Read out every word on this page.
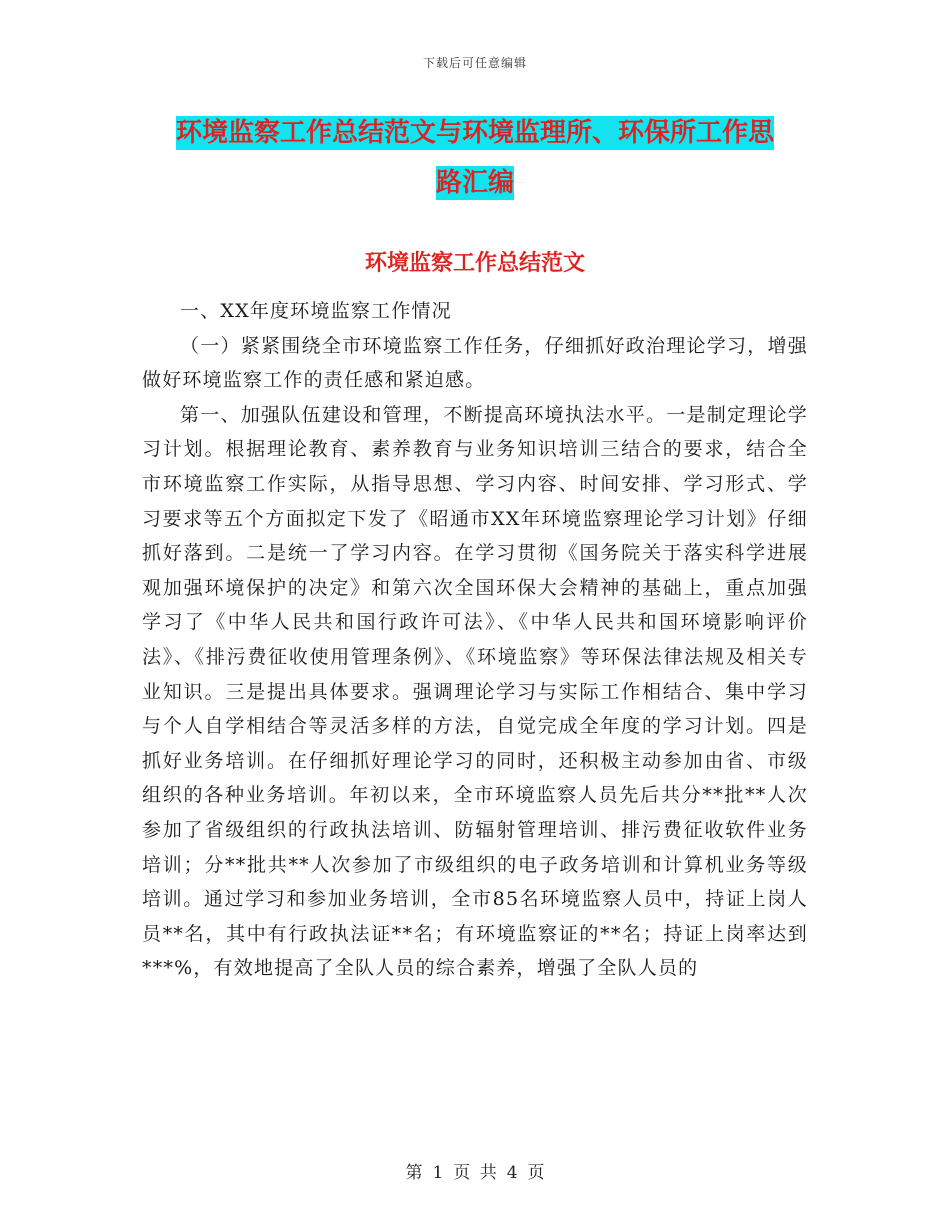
下载后可任意编辑
环境监察工作总结范文与环境监理所、环保所工作思
路汇编
环境监察工作总结范文

一、XX年度环境监察工作情况

（一）紧紧围绕全市环境监察工作任务，仔细抓好政治理论学习，增强做好环境监察工作的责任感和紧迫感。

第一、加强队伍建设和管理，不断提高环境执法水平。一是制定理论学习计划。根据理论教育、素养教育与业务知识培训三结合的要求，结合全市环境监察工作实际，从指导思想、学习内容、时间安排、学习形式、学习要求等五个方面拟定下发了《昭通市XX年环境监察理论学习计划》仔细抓好落到。二是统一了学习内容。在学习贯彻《国务院关于落实科学进展观加强环境保护的决定》和第六次全国环保大会精神的基础上，重点加强学习了《中华人民共和国行政许可法》、《中华人民共和国环境影响评价法》、《排污费征收使用管理条例》、《环境监察》等环保法律法规及相关专业知识。三是提出具体要求。强调理论学习与实际工作相结合、集中学习与个人自学相结合等灵活多样的方法，自觉完成全年度的学习计划。四是抓好业务培训。在仔细抓好理论学习的同时，还积极主动参加由省、市级组织的各种业务培训。年初以来，全市环境监察人员先后共分**批**人次参加了省级组织的行政执法培训、防辐射管理培训、排污费征收软件业务培训；分**批共**人次参加了市级组织的电子政务培训和计算机业务等级培训。通过学习和参加业务培训，全市85名环境监察人员中，持证上岗人员**名，其中有行政执法证**名；有环境监察证的**名；持证上岗率达到***%，有效地提高了全队人员的综合素养，增强了全队人员的

第 1 页 共 4 页
